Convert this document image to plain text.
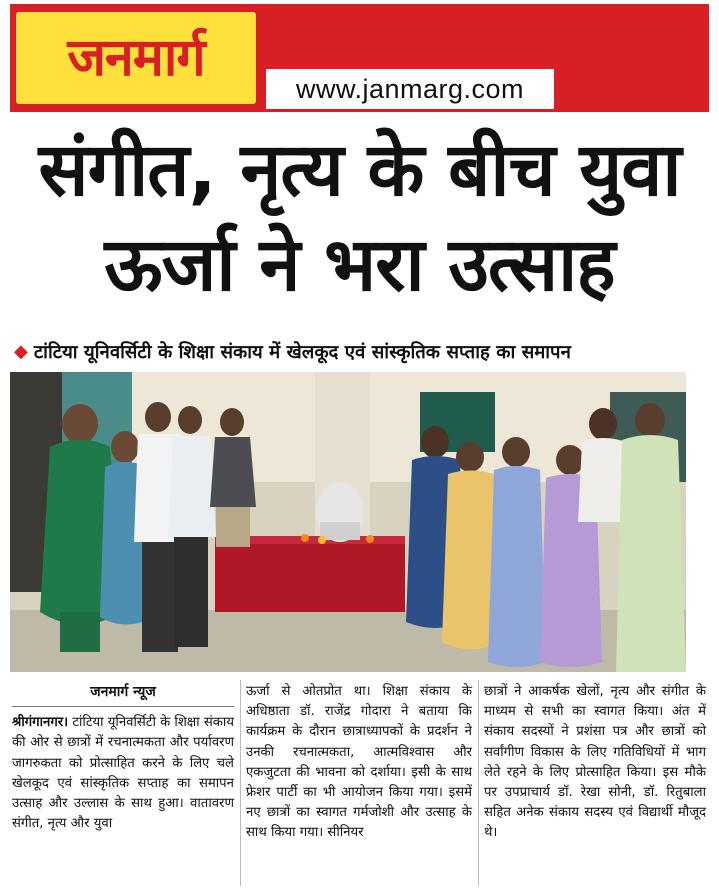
जनमार्ग
www.janmarg.com
संगीत, नृत्य के बीच युवा
ऊर्जा ने भरा उत्साह
◆ टांटिया यूनिवर्सिटी के शिक्षा संकाय में खेलकूद एवं सांस्कृतिक सप्ताह का समापन
जनमार्ग न्यूज

श्रीगंगानगर। टांटिया यूनिवर्सिटी के शिक्षा संकाय की ओर से छात्रों में रचनात्मकता और पर्यावरण जागरुकता को प्रोत्साहित करने के लिए चले खेलकूद एवं सांस्कृतिक सप्ताह का समापन उत्साह और उल्लास के साथ हुआ। वातावरण संगीत, नृत्य और युवा

ऊर्जा से ओतप्रोत था। शिक्षा संकाय के अधिष्ठाता डॉ. राजेंद्र गोदारा ने बताया कि कार्यक्रम के दौरान छात्राध्यापकों के प्रदर्शन ने उनकी रचनात्मकता, आत्मविश्वास और एकजुटता की भावना को दर्शाया। इसी के साथ फ्रेशर पार्टी का भी आयोजन किया गया। इसमें नए छात्रों का स्वागत गर्मजोशी और उत्साह के साथ किया गया। सीनियर

छात्रों ने आकर्षक खेलों, नृत्य और संगीत के माध्यम से सभी का स्वागत किया। अंत में संकाय सदस्यों ने प्रशंसा पत्र और छात्रों को सर्वांगीण विकास के लिए गतिविधियों में भाग लेते रहने के लिए प्रोत्साहित किया। इस मौके पर उपप्राचार्य डॉ. रेखा सोनी, डॉ. रितुबाला सहित अनेक संकाय सदस्य एवं विद्यार्थी मौजूद थे।
